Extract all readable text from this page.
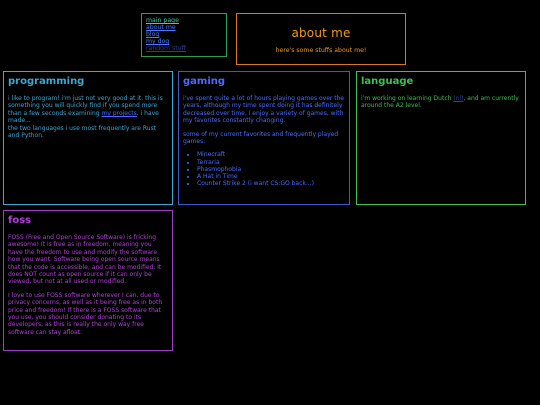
main page
about me
blog
my dog
random stuff
about me

here's some stuffs about me!

programming

i like to program! i'm just not very good at it. this is something you will quickly find if you spend more than a few seconds examining my projects. i have made...
the two languages i use most frequently are Rust and Python.

gaming

i've spent quite a lot of hours playing games over the years, although my time spent doing it has definitely decreased over time. i enjoy a variety of games, with my favorites constantly changing.

some of my current favorites and frequently played games:

• Minecraft
• Terraria
• Phasmophobia
• A Hat in Time
• Counter Strike 2 (i want CS:GO back...)
language

i'm working on learning Dutch (nl), and am currently around the A2 level.

foss

FOSS (Free and Open Source Software) is fricking awesome! It is free as in freedom, meaning you have the freedom to use and modify the software how you want. Software being open source means that the code is accessible, and can be modified. It does NOT count as open source if it can only be viewed, but not at all used or modified.

I love to use FOSS software wherever I can, due to privacy concerns, as well as it being free as in both price and freedom! If there is a FOSS software that you use, you should consider donating to its developers, as this is really the only way free software can stay afloat.
